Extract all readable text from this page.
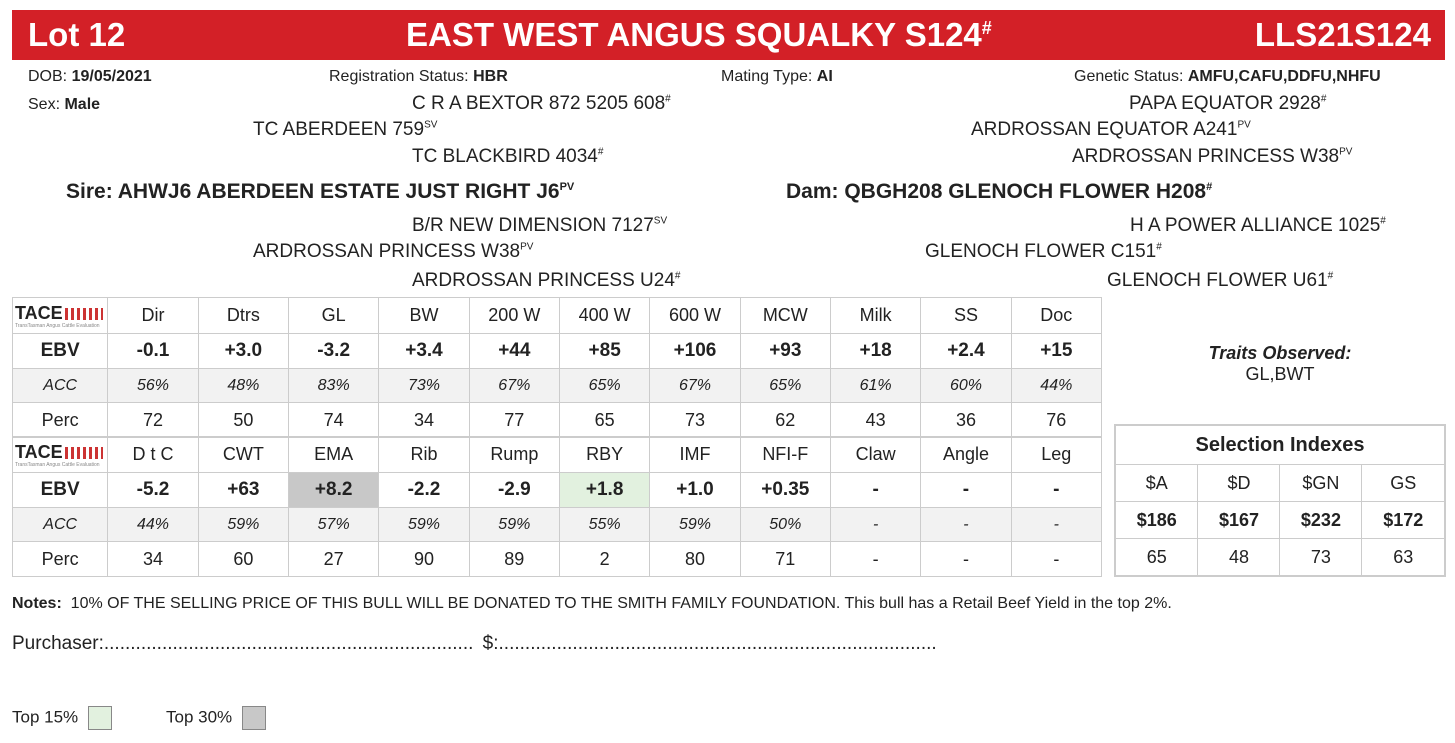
Lot 12	EAST WEST ANGUS SQUALKY S124#	LLS21S124
DOB: 19/05/2021	Registration Status: HBR	Mating Type: AI	Genetic Status: AMFU,CAFU,DDFU,NHFU
Sex: Male	C R A BEXTOR 872 5205 608#
TC ABERDEEN $759^{SV}$
TC BLACKBIRD 4034#
Sire: AHWJ6 ABERDEEN ESTATE JUST RIGHT $J6^{PV}$
B/R NEW DIMENSION $7127^{SV}$
ARDROSSAN PRINCESS $W38^{PV}$
ARDROSSAN PRINCESS U24#
PAPA EQUATOR 2928#
ARDROSSAN EQUATOR $A241^{PV}$
ARDROSSAN PRINCESS $W38^{PV}$
Dam: QBGH208 GLENOCH FLOWER H208#
H A POWER ALLIANCE 1025#
GLENOCH FLOWER C151#
GLENOCH FLOWER U61#
TACE
TransTasman Angus Cattle Evaluation	Dir	Dtrs	GL	BW	200 W	400 W	600 W	MCW	Milk	SS	Doc
EBV	-0.1	+3.0	-3.2	+3.4	+44	+85	+106	+93	+18	+2.4	+15
ACC	56%	48%	83%	73%	67%	65%	67%	65%	61%	60%	44%
Perc	72	50	74	34	77	65	73	62	43	36	76
TACE
TransTasman Angus Cattle Evaluation	D t C	CWT	EMA	Rib	Rump	RBY	IMF	NFI-F	Claw	Angle	Leg
EBV	-5.2	+63	+8.2	-2.2	-2.9	+1.8	+1.0	+0.35	-	-	-
ACC	44%	59%	57%	59%	59%	55%	59%	50%	-	-	-
Perc	34	60	27	90	89	2	80	71	-	-	-
Traits Observed:
GL,BWT
Selection Indexes			
$A	$D	$GN	GS
$186	$167	$232	$172
65	48	73	63
Notes: 10% OF THE SELLING PRICE OF THIS BULL WILL BE DONATED TO THE SMITH FAMILY FOUNDATION. This bull has a Retail Beef Yield in the top 2%.
Purchaser:...................................................................... $:...................................................................................
Top 15%	Top 30%
